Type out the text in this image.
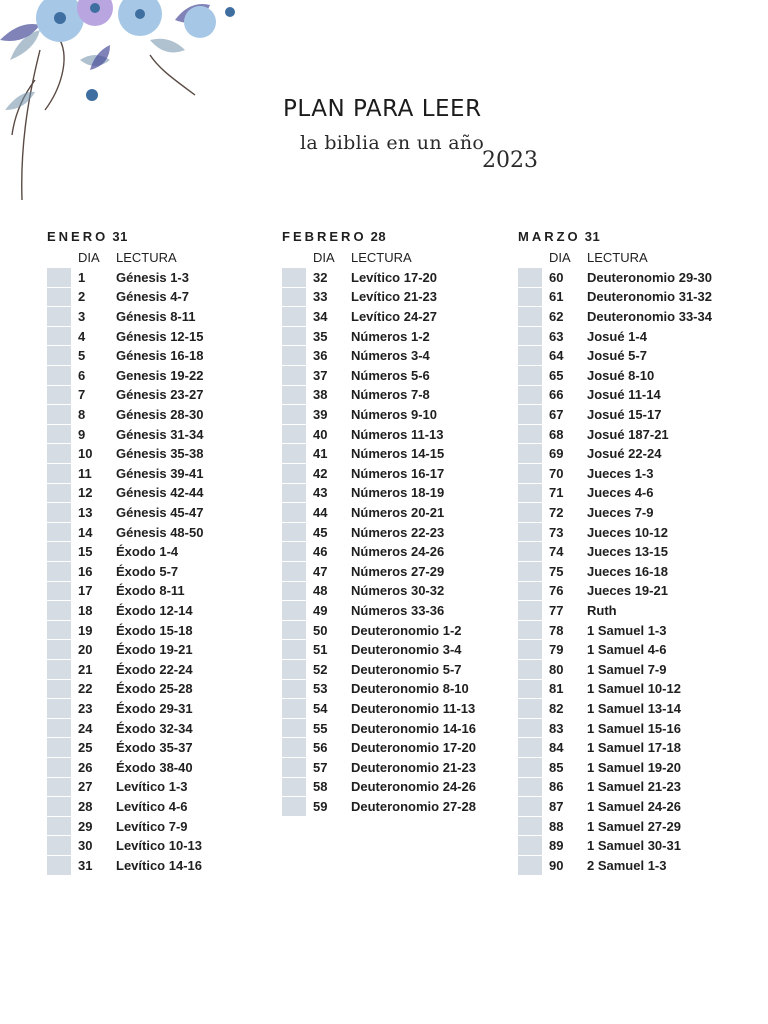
PLAN PARA LEER
la biblia en un año
2023
ENERO 31
DIA	LECTURA
1	Génesis 1-3
2	Génesis 4-7
3	Génesis 8-11
4	Génesis 12-15
5	Génesis 16-18
6	Genesis 19-22
7	Génesis 23-27
8	Génesis 28-30
9	Génesis 31-34
10	Génesis 35-38
11	Génesis 39-41
12	Génesis 42-44
13	Génesis 45-47
14	Génesis 48-50
15	Éxodo 1-4
16	Éxodo 5-7
17	Éxodo 8-11
18	Éxodo 12-14
19	Éxodo 15-18
20	Éxodo 19-21
21	Éxodo 22-24
22	Éxodo 25-28
23	Éxodo 29-31
24	Éxodo 32-34
25	Éxodo 35-37
26	Éxodo 38-40
27	Levítico 1-3
28	Levítico 4-6
29	Levítico 7-9
30	Levítico 10-13
31	Levítico 14-16
FEBRERO 28
DIA	LECTURA
32	Levítico 17-20
33	Levítico 21-23
34	Levítico 24-27
35	Números 1-2
36	Números 3-4
37	Números 5-6
38	Números 7-8
39	Números 9-10
40	Números 11-13
41	Números 14-15
42	Números 16-17
43	Números 18-19
44	Números 20-21
45	Números 22-23
46	Números 24-26
47	Números 27-29
48	Números 30-32
49	Números 33-36
50	Deuteronomio 1-2
51	Deuteronomio 3-4
52	Deuteronomio 5-7
53	Deuteronomio 8-10
54	Deuteronomio 11-13
55	Deuteronomio 14-16
56	Deuteronomio 17-20
57	Deuteronomio 21-23
58	Deuteronomio 24-26
59	Deuteronomio 27-28
MARZO 31
DIA	LECTURA
60	Deuteronomio 29-30
61	Deuteronomio 31-32
62	Deuteronomio 33-34
63	Josué 1-4
64	Josué 5-7
65	Josué 8-10
66	Josué 11-14
67	Josué 15-17
68	Josué 187-21
69	Josué 22-24
70	Jueces 1-3
71	Jueces 4-6
72	Jueces 7-9
73	Jueces 10-12
74	Jueces 13-15
75	Jueces 16-18
76	Jueces 19-21
77	Ruth
78	1 Samuel 1-3
79	1 Samuel 4-6
80	1 Samuel 7-9
81	1 Samuel 10-12
82	1 Samuel 13-14
83	1 Samuel 15-16
84	1 Samuel 17-18
85	1 Samuel 19-20
86	1 Samuel 21-23
87	1 Samuel 24-26
88	1 Samuel 27-29
89	1 Samuel 30-31
90	2 Samuel 1-3
